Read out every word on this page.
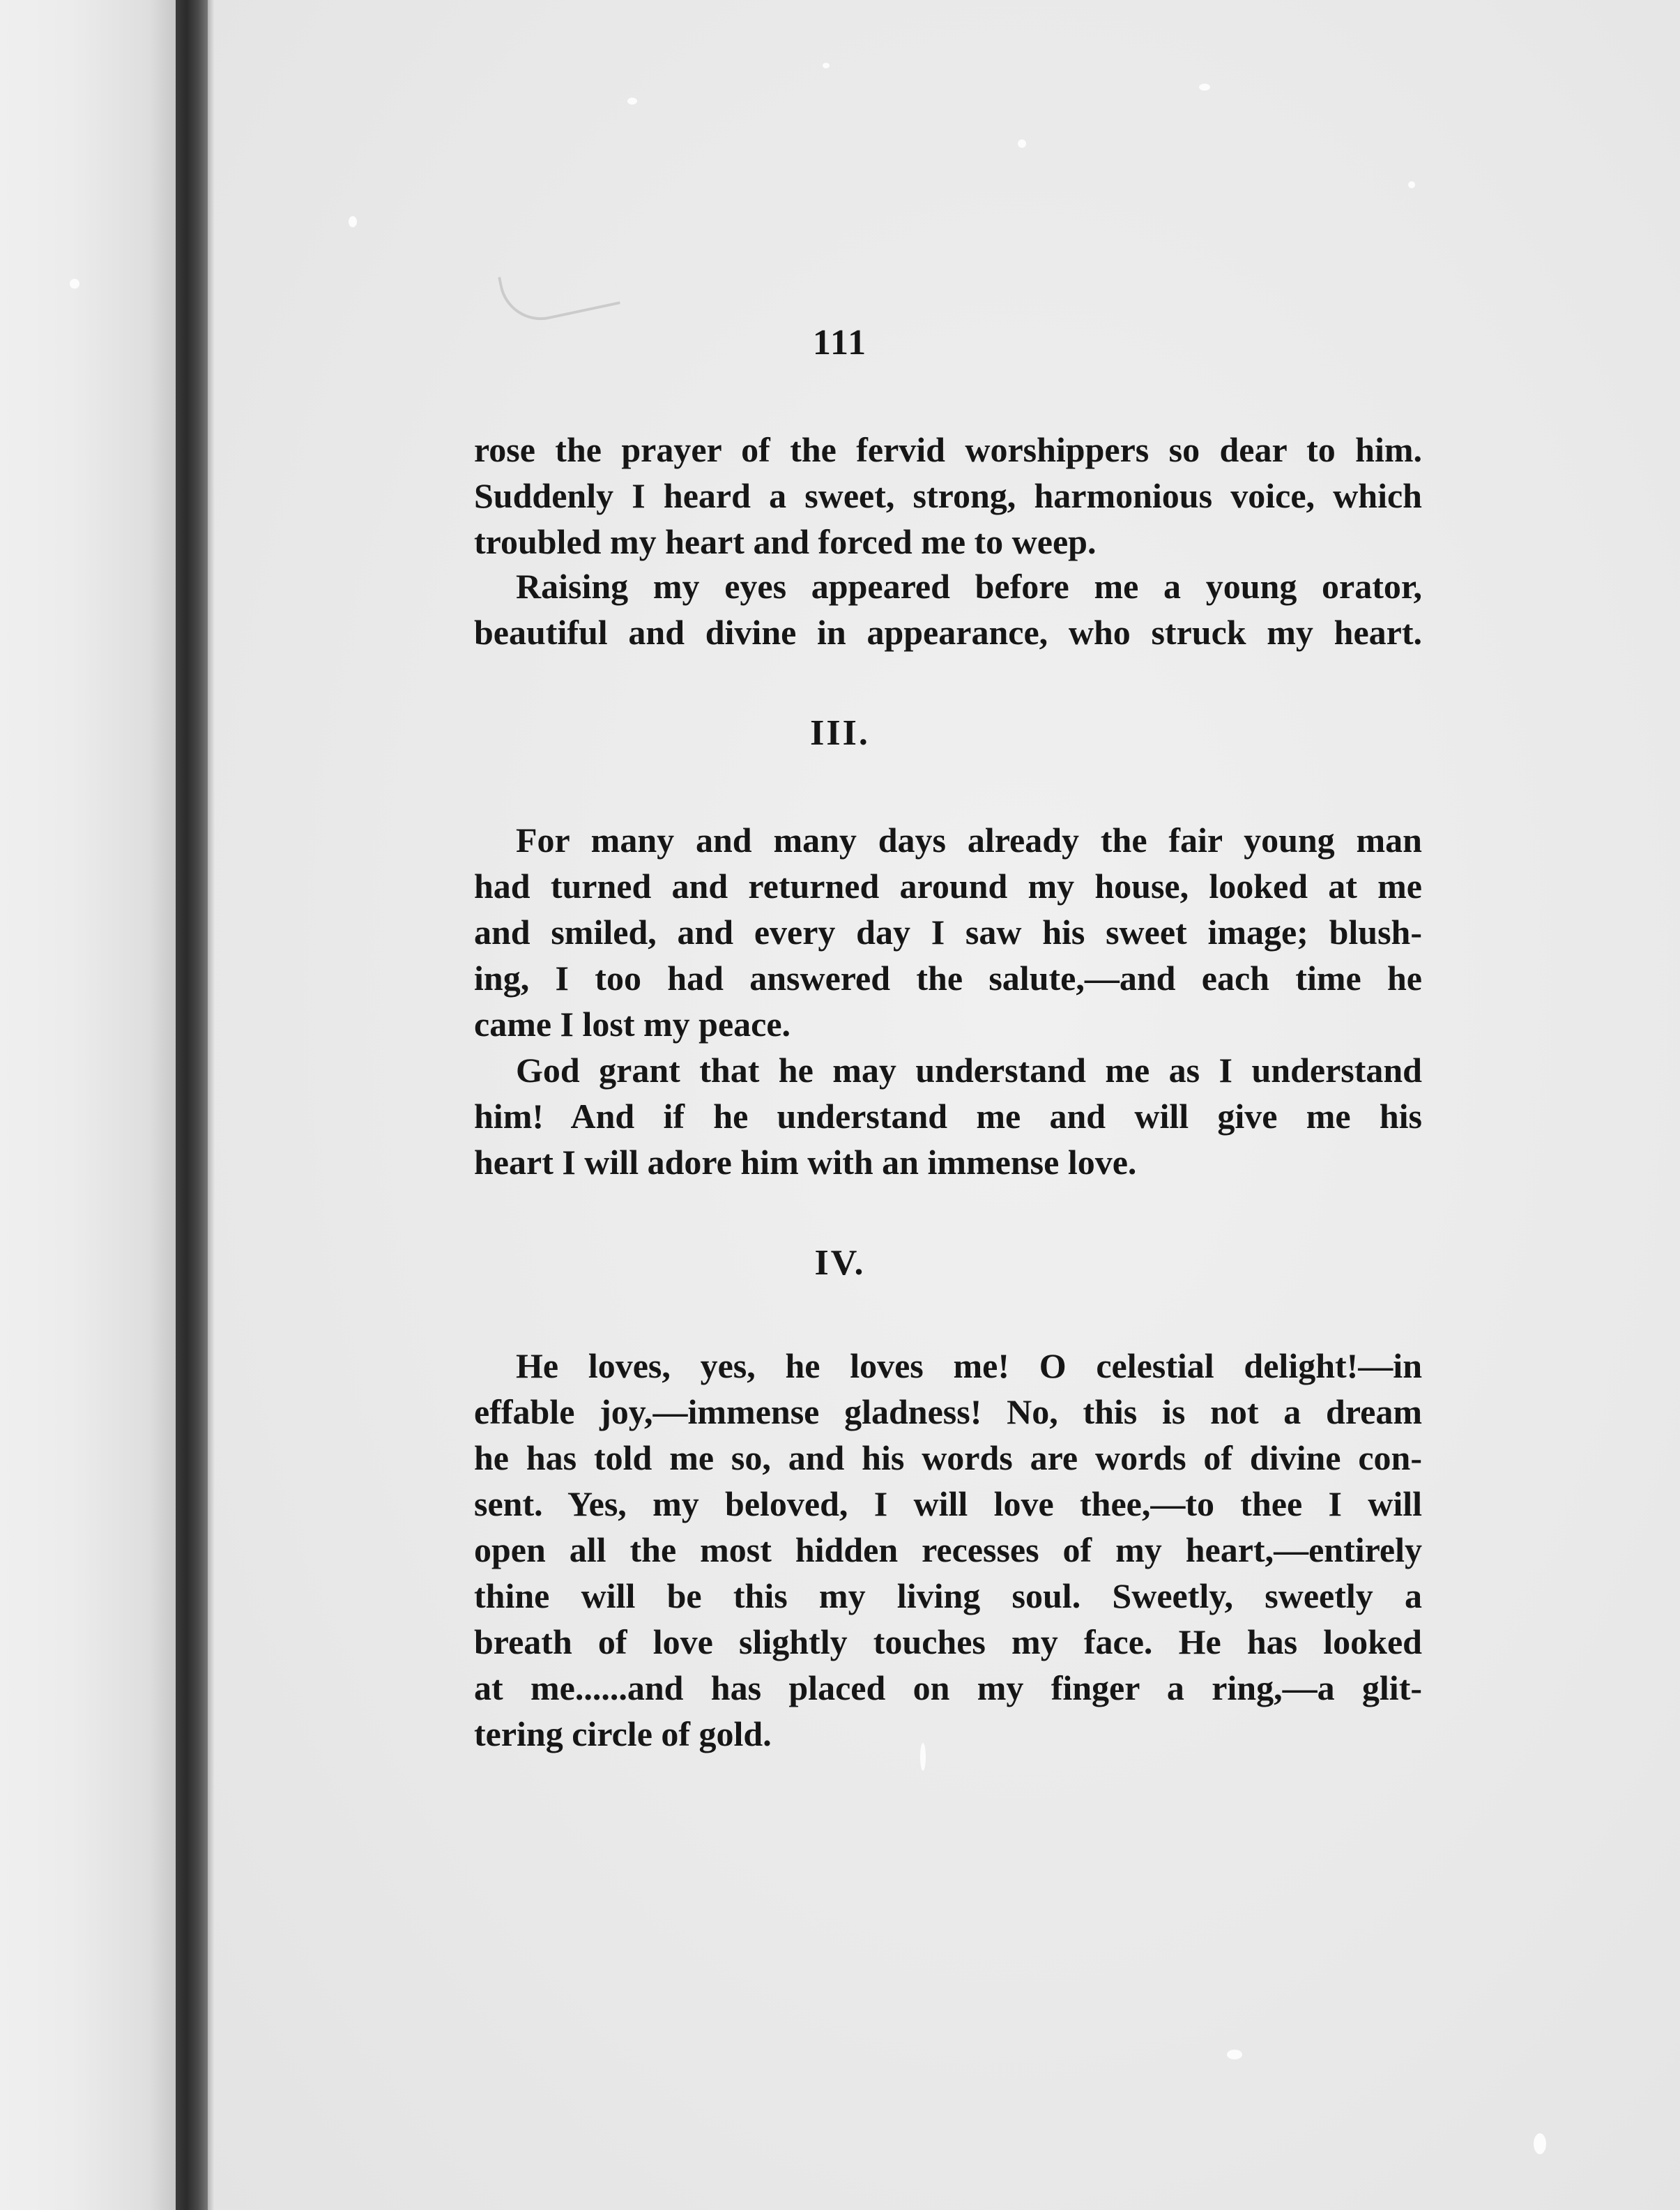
111
rose the prayer of the fervid worshippers so dear to him.
Suddenly I heard a sweet, strong, harmonious voice, which
troubled my heart and forced me to weep.
Raising my eyes appeared before me a young orator,
beautiful and divine in appearance, who struck my heart.
III.
For many and many days already the fair young man
had turned and returned around my house, looked at me
and smiled, and every day I saw his sweet image; blush-
ing, I too had answered the salute,—and each time he
came I lost my peace.
God grant that he may understand me as I understand
him! And if he understand me and will give me his
heart I will adore him with an immense love.
IV.
He loves, yes, he loves me! O celestial delight!—in
effable joy,—immense gladness! No, this is not a dream
he has told me so, and his words are words of divine con-
sent. Yes, my beloved, I will love thee,—to thee I will
open all the most hidden recesses of my heart,—entirely
thine will be this my living soul. Sweetly, sweetly a
breath of love slightly touches my face. He has looked
at me......and has placed on my finger a ring,—a glit-
tering circle of gold.
